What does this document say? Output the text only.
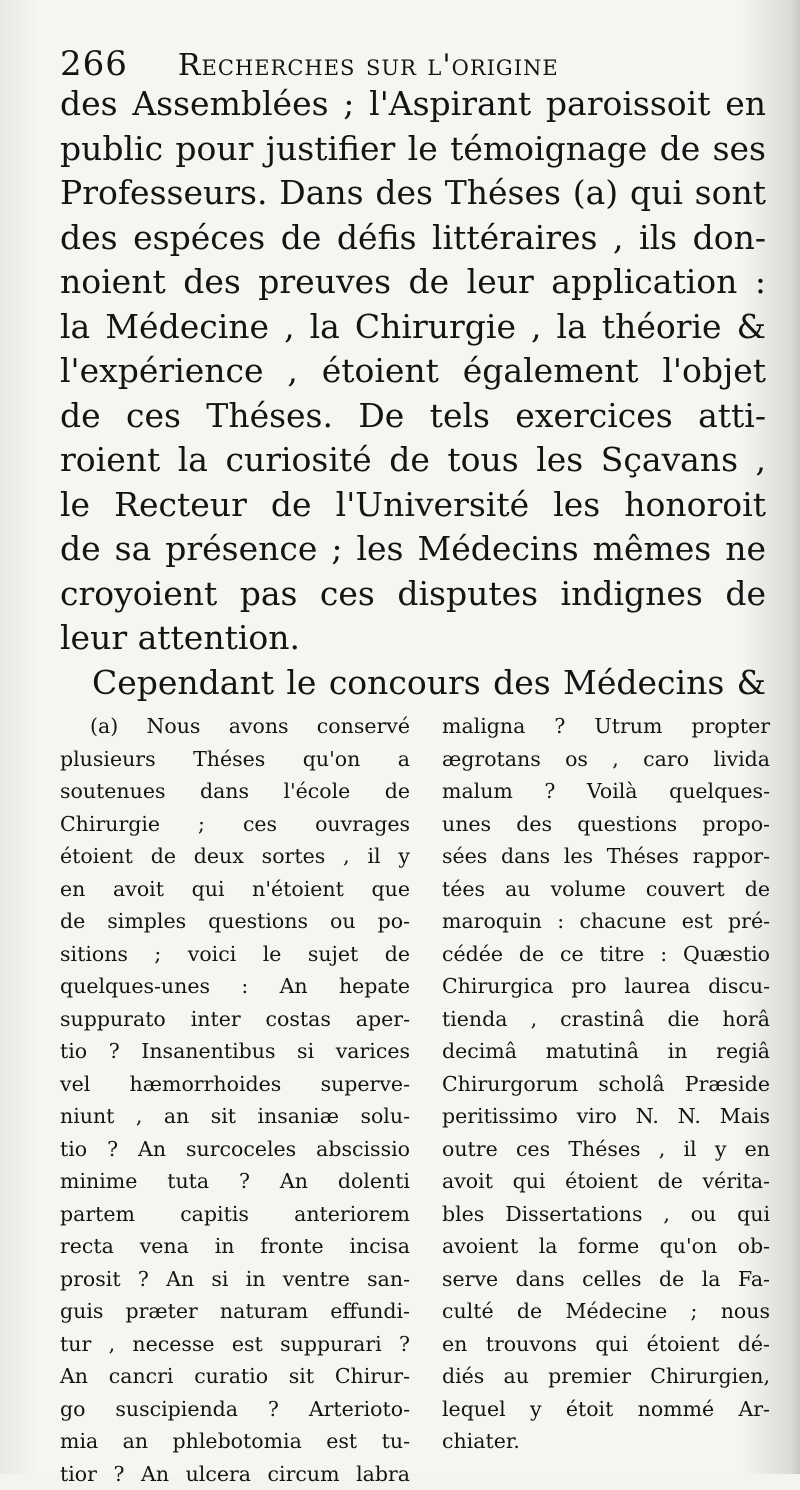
266 Recherches sur l'origine
des Assemblées ; l'Aspirant paroissoit en
public pour justifier le témoignage de ses
Professeurs. Dans des Théses (a) qui sont
des espéces de défis littéraires , ils don-
noient des preuves de leur application :
la Médecine , la Chirurgie , la théorie &
l'expérience , étoient également l'objet
de ces Théses. De tels exercices atti-
roient la curiosité de tous les Sçavans ,
le Recteur de l'Université les honoroit
de sa présence ; les Médecins mêmes ne
croyoient pas ces disputes indignes de
leur attention.
Cependant le concours des Médecins &
(a) Nous avons conservé
plusieurs Théses qu'on a
soutenues dans l'école de
Chirurgie ; ces ouvrages
étoient de deux sortes , il y
en avoit qui n'étoient que
de simples questions ou po-
sitions ; voici le sujet de
quelques-unes : An hepate
suppurato inter costas aper-
tio ? Insanentibus si varices
vel hæmorrhoides superve-
niunt , an sit insaniæ solu-
tio ? An surcoceles abscissio
minime tuta ? An dolenti
partem capitis anteriorem
recta vena in fronte incisa
prosit ? An si in ventre san-
guis præter naturam effundi-
tur , necesse est suppurari ?
An cancri curatio sit Chirur-
go suscipienda ? Arterioto-
mia an phlebotomia est tu-
tior ? An ulcera circum labra
maligna ? Utrum propter
ægrotans os , caro livida
malum ? Voilà quelques-
unes des questions propo-
sées dans les Théses rappor-
tées au volume couvert de
maroquin : chacune est pré-
cédée de ce titre : Quæstio
Chirurgica pro laurea discu-
tienda , crastinâ die horâ
decimâ matutinâ in regiâ
Chirurgorum scholâ Præside
peritissimo viro N. N. Mais
outre ces Théses , il y en
avoit qui étoient de vérita-
bles Dissertations , ou qui
avoient la forme qu'on ob-
serve dans celles de la Fa-
culté de Médecine ; nous
en trouvons qui étoient dé-
diés au premier Chirurgien,
lequel y étoit nommé Ar-
chiater.
